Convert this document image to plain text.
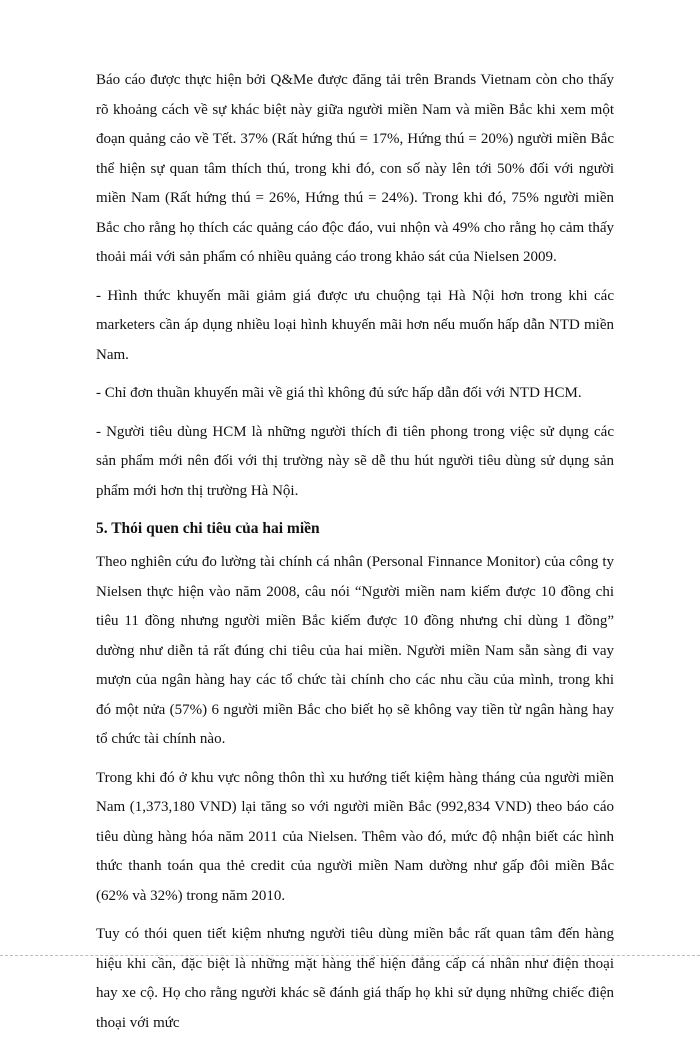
Báo cáo được thực hiện bởi Q&Me được đăng tải trên Brands Vietnam còn cho thấy rõ khoảng cách về sự khác biệt này giữa người miền Nam và miền Bắc khi xem một đoạn quảng cảo về Tết. 37% (Rất hứng thú = 17%, Hứng thú = 20%) người miền Bắc thể hiện sự quan tâm thích thú, trong khi đó, con số này lên tới 50% đối với người miền Nam (Rất hứng thú = 26%, Hứng thú = 24%). Trong khi đó, 75% người miền Bắc cho rằng họ thích các quảng cáo độc đáo, vui nhộn và 49% cho rằng họ cảm thấy thoải mái với sản phẩm có nhiều quảng cáo trong khảo sát của Nielsen 2009.

- Hình thức khuyến mãi giảm giá được ưu chuộng tại Hà Nội hơn trong khi các marketers cần áp dụng nhiều loại hình khuyến mãi hơn nếu muốn hấp dẫn NTD miền Nam.

- Chỉ đơn thuần khuyến mãi về giá thì không đủ sức hấp dẫn đối với NTD HCM.

- Người tiêu dùng HCM là những người thích đi tiên phong trong việc sử dụng các sản phẩm mới nên đối với thị trường này sẽ dễ thu hút người tiêu dùng sử dụng sản phẩm mới hơn thị trường Hà Nội.

5. Thói quen chi tiêu của hai miền

Theo nghiên cứu đo lường tài chính cá nhân (Personal Finnance Monitor) của công ty Nielsen thực hiện vào năm 2008, câu nói “Người miền nam kiếm được 10 đồng chi tiêu 11 đồng nhưng người miền Bắc kiếm được 10 đồng nhưng chỉ dùng 1 đồng” dường như diễn tả rất đúng chi tiêu của hai miền. Người miền Nam sẵn sàng đi vay mượn của ngân hàng hay các tổ chức tài chính cho các nhu cầu của mình, trong khi đó một nửa (57%) 6 người miền Bắc cho biết họ sẽ không vay tiền từ ngân hàng hay tổ chức tài chính nào.

Trong khi đó ở khu vực nông thôn thì xu hướng tiết kiệm hàng tháng của người miền Nam (1,373,180 VND) lại tăng so với người miền Bắc (992,834 VND) theo báo cáo tiêu dùng hàng hóa năm 2011 của Nielsen. Thêm vào đó, mức độ nhận biết các hình thức thanh toán qua thẻ credit của người miền Nam dường như gấp đôi miền Bắc (62% và 32%) trong năm 2010.

Tuy có thói quen tiết kiệm nhưng người tiêu dùng miền bắc rất quan tâm đến hàng hiệu khi cần, đặc biệt là những mặt hàng thể hiện đẳng cấp cá nhân như điện thoại hay xe cộ. Họ cho rằng người khác sẽ đánh giá thấp họ khi sử dụng những chiếc điện thoại với mức
